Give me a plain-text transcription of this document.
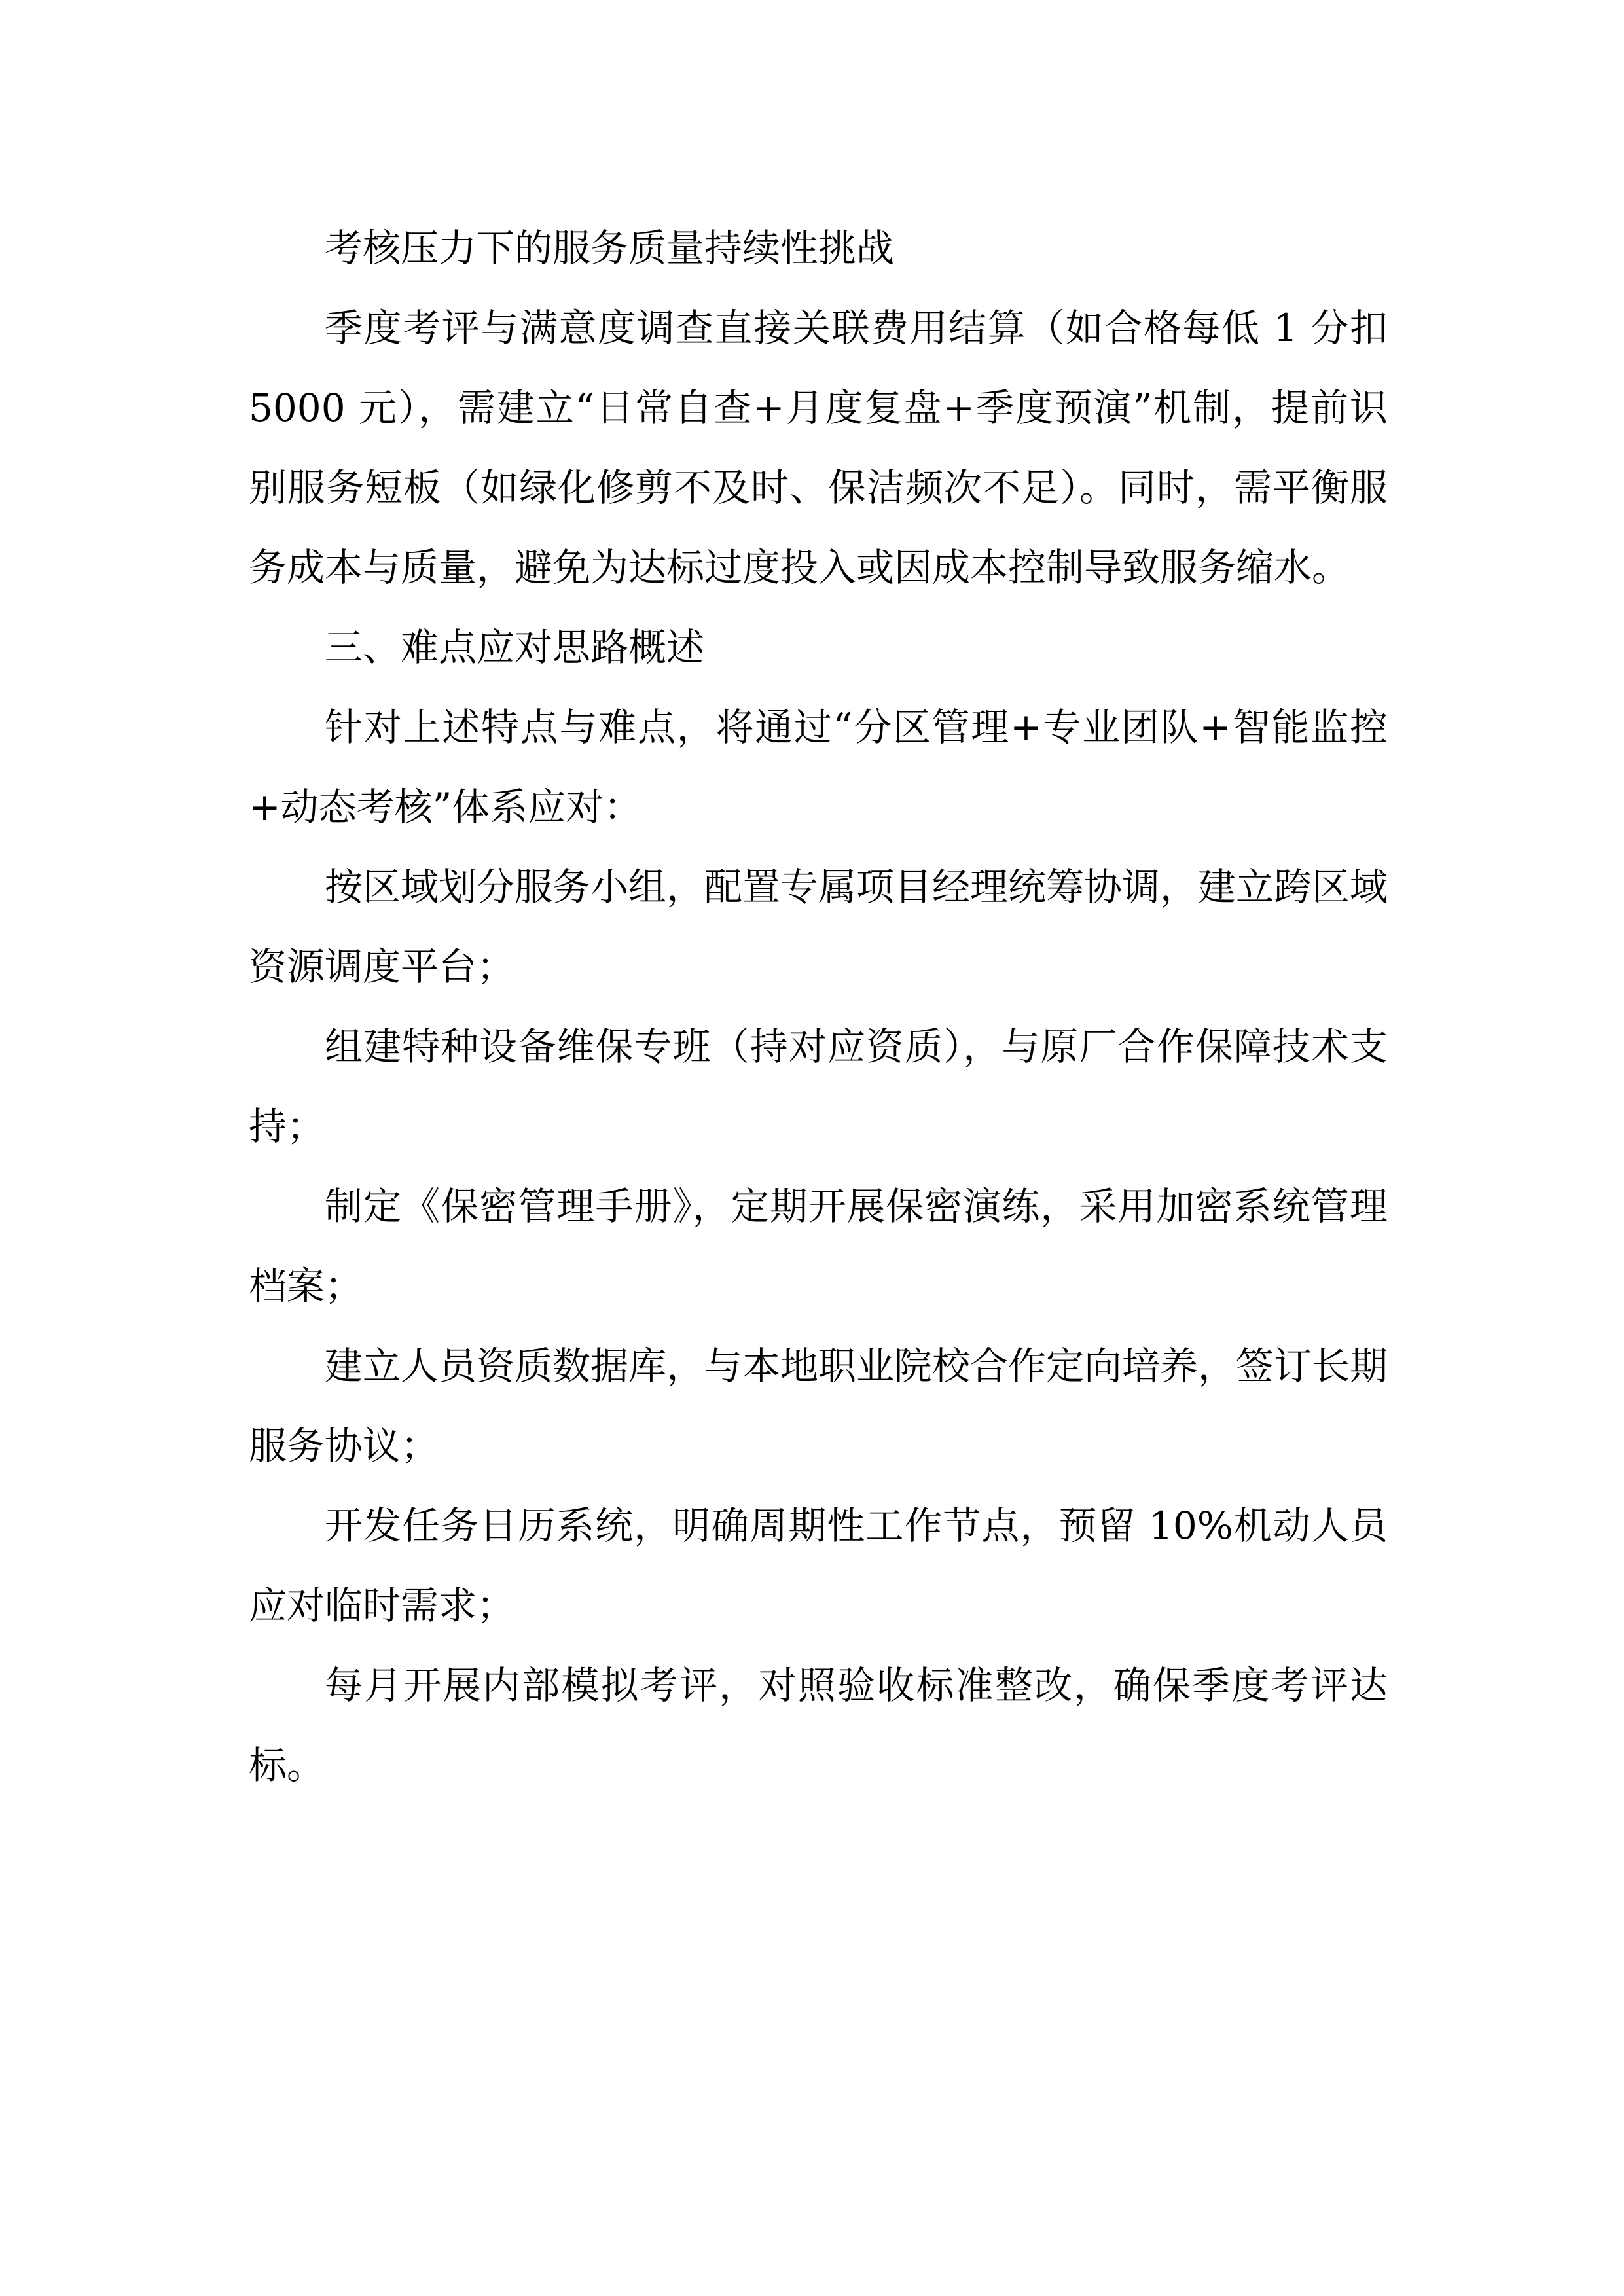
考核压力下的服务质量持续性挑战

季度考评与满意度调查直接关联费用结算（如合格每低 1 分扣 5000 元），需建立“日常自查+月度复盘+季度预演”机制，提前识别服务短板（如绿化修剪不及时、保洁频次不足）。同时，需平衡服务成本与质量，避免为达标过度投入或因成本控制导致服务缩水。

三、难点应对思路概述

针对上述特点与难点，将通过“分区管理+专业团队+智能监控+动态考核”体系应对：

按区域划分服务小组，配置专属项目经理统筹协调，建立跨区域资源调度平台；

组建特种设备维保专班（持对应资质），与原厂合作保障技术支持；

制定《保密管理手册》，定期开展保密演练，采用加密系统管理档案；

建立人员资质数据库，与本地职业院校合作定向培养，签订长期服务协议；

开发任务日历系统，明确周期性工作节点，预留 10%机动人员应对临时需求；

每月开展内部模拟考评，对照验收标准整改，确保季度考评达标。
